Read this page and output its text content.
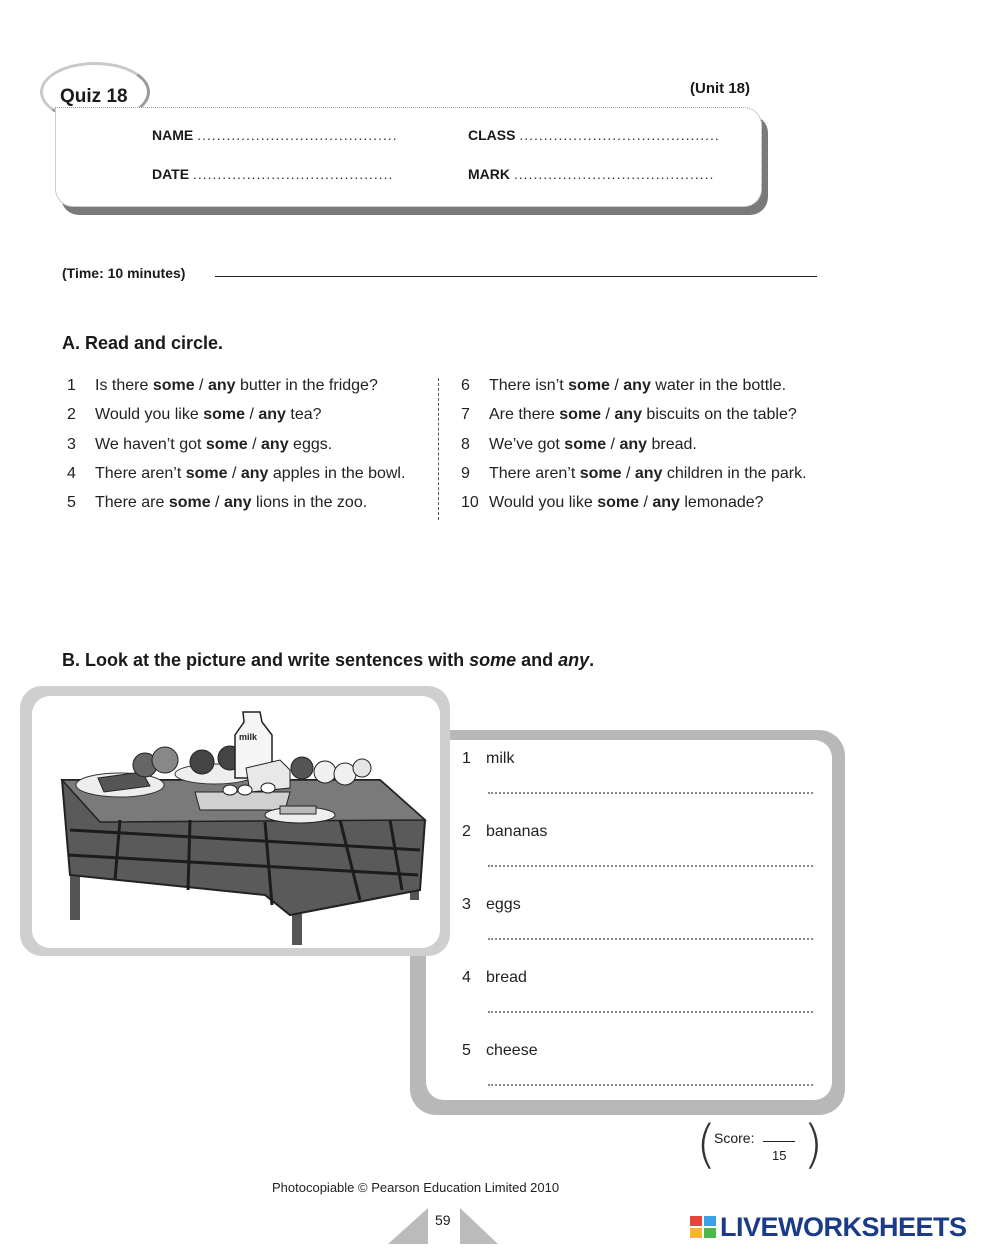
Quiz 18	(Unit 18)
NAME .........................................	CLASS .........................................
DATE .........................................	MARK .........................................
(Time: 10 minutes)
A. Read and circle.
1 Is there some / any butter in the fridge?
2 Would you like some / any tea?
3 We haven’t got some / any eggs.
4 There aren’t some / any apples in the bowl.
5 There are some / any lions in the zoo.
6 There isn’t some / any water in the bottle.
7 Are there some / any biscuits on the table?
8 We’ve got some / any bread.
9 There aren’t some / any children in the park.
10 Would you like some / any lemonade?
B. Look at the picture and write sentences with some and any.
milk
1 milk
2 bananas
3 eggs
4 bread
5 cheese
( )
Score:
15
Photocopiable © Pearson Education Limited 2010
59	LIVEWORKSHEETS
